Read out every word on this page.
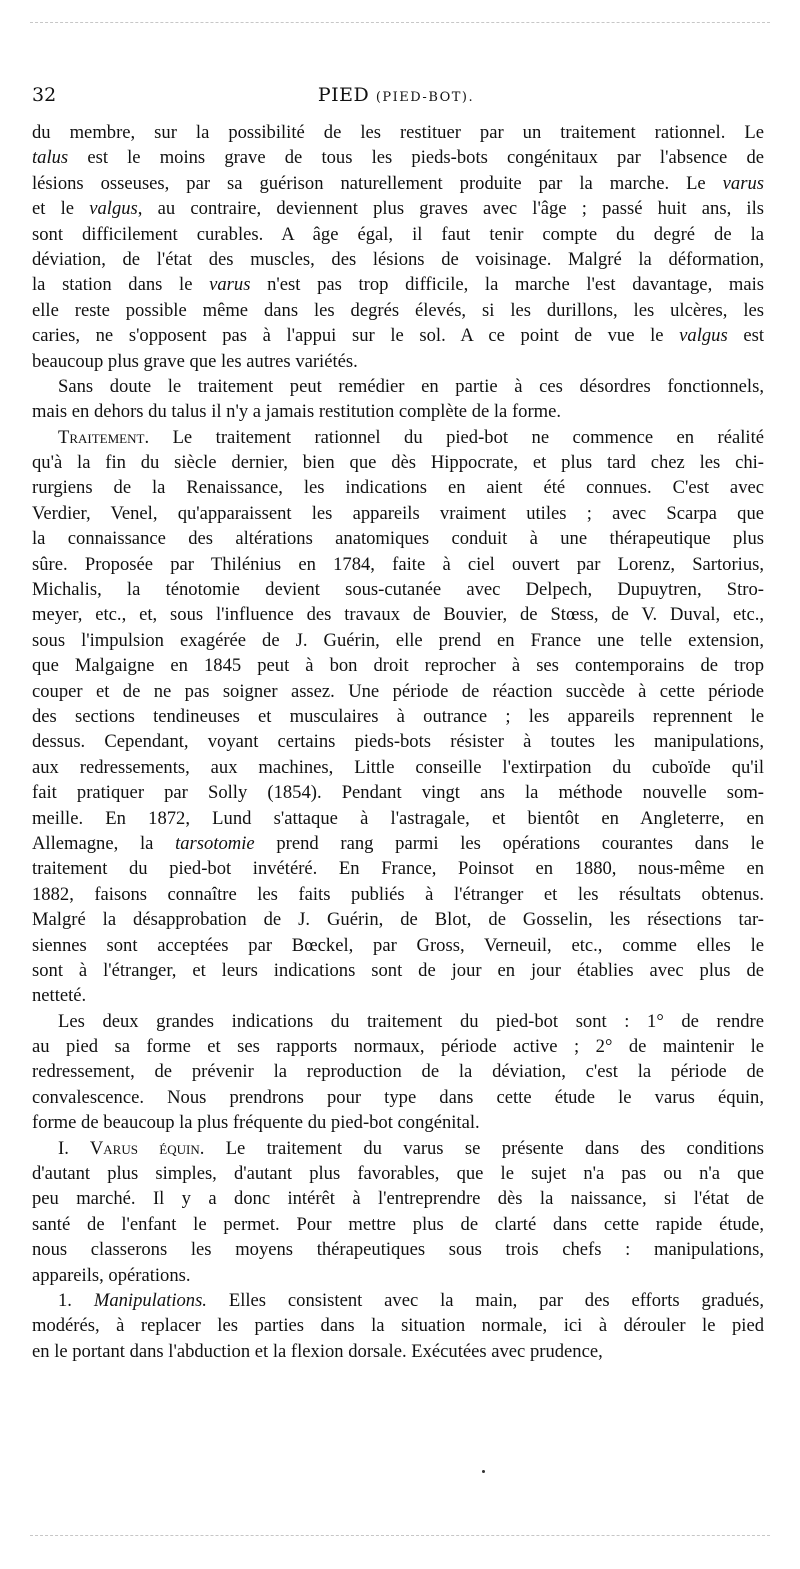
32	PIED (PIED-BOT).
du membre, sur la possibilité de les restituer par un traitement rationnel. Le
talus est le moins grave de tous les pieds-bots congénitaux par l'absence de
lésions osseuses, par sa guérison naturellement produite par la marche. Le varus
et le valgus, au contraire, deviennent plus graves avec l'âge ; passé huit ans, ils
sont difficilement curables. A âge égal, il faut tenir compte du degré de la
déviation, de l'état des muscles, des lésions de voisinage. Malgré la déformation,
la station dans le varus n'est pas trop difficile, la marche l'est davantage, mais
elle reste possible même dans les degrés élevés, si les durillons, les ulcères, les
caries, ne s'opposent pas à l'appui sur le sol. A ce point de vue le valgus est
beaucoup plus grave que les autres variétés.
Sans doute le traitement peut remédier en partie à ces désordres fonctionnels,
mais en dehors du talus il n'y a jamais restitution complète de la forme.
Traitement. Le traitement rationnel du pied-bot ne commence en réalité
qu'à la fin du siècle dernier, bien que dès Hippocrate, et plus tard chez les chi-
rurgiens de la Renaissance, les indications en aient été connues. C'est avec
Verdier, Venel, qu'apparaissent les appareils vraiment utiles ; avec Scarpa que
la connaissance des altérations anatomiques conduit à une thérapeutique plus
sûre. Proposée par Thilénius en 1784, faite à ciel ouvert par Lorenz, Sartorius,
Michalis, la ténotomie devient sous-cutanée avec Delpech, Dupuytren, Stro-
meyer, etc., et, sous l'influence des travaux de Bouvier, de Stœss, de V. Duval, etc.,
sous l'impulsion exagérée de J. Guérin, elle prend en France une telle extension,
que Malgaigne en 1845 peut à bon droit reprocher à ses contemporains de trop
couper et de ne pas soigner assez. Une période de réaction succède à cette période
des sections tendineuses et musculaires à outrance ; les appareils reprennent le
dessus. Cependant, voyant certains pieds-bots résister à toutes les manipulations,
aux redressements, aux machines, Little conseille l'extirpation du cuboïde qu'il
fait pratiquer par Solly (1854). Pendant vingt ans la méthode nouvelle som-
meille. En 1872, Lund s'attaque à l'astragale, et bientôt en Angleterre, en
Allemagne, la tarsotomie prend rang parmi les opérations courantes dans le
traitement du pied-bot invétéré. En France, Poinsot en 1880, nous-même en
1882, faisons connaître les faits publiés à l'étranger et les résultats obtenus.
Malgré la désapprobation de J. Guérin, de Blot, de Gosselin, les résections tar-
siennes sont acceptées par Bœckel, par Gross, Verneuil, etc., comme elles le
sont à l'étranger, et leurs indications sont de jour en jour établies avec plus de
netteté.
Les deux grandes indications du traitement du pied-bot sont : 1° de rendre
au pied sa forme et ses rapports normaux, période active ; 2° de maintenir le
redressement, de prévenir la reproduction de la déviation, c'est la période de
convalescence. Nous prendrons pour type dans cette étude le varus équin,
forme de beaucoup la plus fréquente du pied-bot congénital.
I. Varus équin. Le traitement du varus se présente dans des conditions
d'autant plus simples, d'autant plus favorables, que le sujet n'a pas ou n'a que
peu marché. Il y a donc intérêt à l'entreprendre dès la naissance, si l'état de
santé de l'enfant le permet. Pour mettre plus de clarté dans cette rapide étude,
nous classerons les moyens thérapeutiques sous trois chefs : manipulations,
appareils, opérations.
1. Manipulations. Elles consistent avec la main, par des efforts gradués,
modérés, à replacer les parties dans la situation normale, ici à dérouler le pied
en le portant dans l'abduction et la flexion dorsale. Exécutées avec prudence,
